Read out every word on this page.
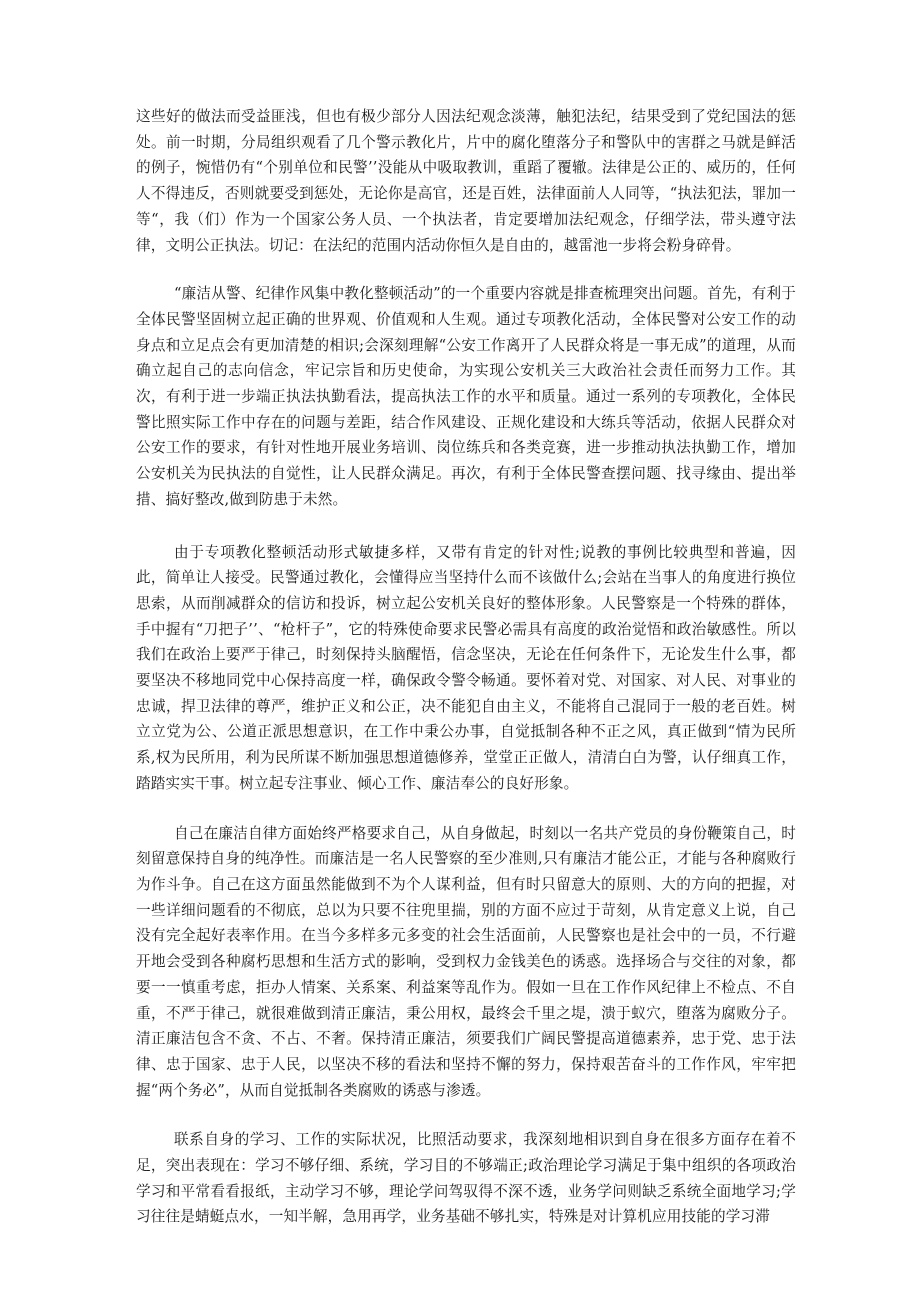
这些好的做法而受益匪浅，但也有极少部分人因法纪观念淡薄，触犯法纪，结果受到了党纪国法的惩处。前一时期，分局组织观看了几个警示教化片，片中的腐化堕落分子和警队中的害群之马就是鲜活的例子，惋惜仍有“个别单位和民警’’没能从中吸取教训，重蹈了覆辙。法律是公正的、威历的，任何人不得违反，否则就要受到惩处，无论你是高官，还是百姓，法律面前人人同等，“执法犯法，罪加一等“，我（们）作为一个国家公务人员、一个执法者，肯定要增加法纪观念，仔细学法，带头遵守法律，文明公正执法。切记：在法纪的范围内活动你恒久是自由的，越雷池一步将会粉身碎骨。

“廉洁从警、纪律作风集中教化整顿活动”的一个重要内容就是排查梳理突出问题。首先，有利于全体民警坚固树立起正确的世界观、价值观和人生观。通过专项教化活动，全体民警对公安工作的动身点和立足点会有更加清楚的相识;会深刻理解“公安工作离开了人民群众将是一事无成”的道理，从而确立起自己的志向信念，牢记宗旨和历史使命，为实现公安机关三大政治社会责任而努力工作。其次，有利于进一步端正执法执勤看法，提高执法工作的水平和质量。通过一系列的专项教化，全体民警比照实际工作中存在的问题与差距，结合作风建设、正规化建设和大练兵等活动，依据人民群众对公安工作的要求，有针对性地开展业务培训、岗位练兵和各类竞赛，进一步推动执法执勤工作，增加公安机关为民执法的自觉性，让人民群众满足。再次，有利于全体民警查摆问题、找寻缘由、提出举措、搞好整改,做到防患于未然。

由于专项教化整顿活动形式敏捷多样，又带有肯定的针对性;说教的事例比较典型和普遍，因此，简单让人接受。民警通过教化，会懂得应当坚持什么而不该做什么;会站在当事人的角度进行换位思索，从而削减群众的信访和投诉，树立起公安机关良好的整体形象。人民警察是一个特殊的群体，手中握有“刀把子’’、“枪杆子”，它的特殊使命要求民警必需具有高度的政治觉悟和政治敏感性。所以我们在政治上要严于律己，时刻保持头脑醒悟，信念坚决，无论在任何条件下，无论发生什么事，都要坚决不移地同党中心保持高度一样，确保政令警令畅通。要怀着对党、对国家、对人民、对事业的忠诚，捍卫法律的尊严，维护正义和公正，决不能犯自由主义，不能将自己混同于一般的老百姓。树立立党为公、公道正派思想意识，在工作中秉公办事，自觉抵制各种不正之风，真正做到“情为民所系,权为民所用，利为民所谋不断加强思想道德修养，堂堂正正做人，清清白白为警，认仔细真工作，踏踏实实干事。树立起专注事业、倾心工作、廉洁奉公的良好形象。

自己在廉洁自律方面始终严格要求自己，从自身做起，时刻以一名共产党员的身份鞭策自己，时刻留意保持自身的纯净性。而廉洁是一名人民警察的至少准则,只有廉洁才能公正，才能与各种腐败行为作斗争。自己在这方面虽然能做到不为个人谋利益，但有时只留意大的原则、大的方向的把握，对一些详细问题看的不彻底，总以为只要不往兜里揣，别的方面不应过于苛刻，从肯定意义上说，自己没有完全起好表率作用。在当今多样多元多变的社会生活面前，人民警察也是社会中的一员，不行避开地会受到各种腐朽思想和生活方式的影响，受到权力金钱美色的诱惑。选择场合与交往的对象，都要一一慎重考虑，拒办人情案、关系案、利益案等乱作为。假如一旦在工作作风纪律上不检点、不自重，不严于律己，就很难做到清正廉洁，秉公用权，最终会千里之堤，溃于蚁穴，堕落为腐败分子。清正廉洁包含不贪、不占、不奢。保持清正廉洁，须要我们广阔民警提高道德素养，忠于党、忠于法律、忠于国家、忠于人民，以坚决不移的看法和坚持不懈的努力，保持艰苦奋斗的工作作风，牢牢把握“两个务必”，从而自觉抵制各类腐败的诱惑与渗透。

联系自身的学习、工作的实际状况，比照活动要求，我深刻地相识到自身在很多方面存在着不足，突出表现在：学习不够仔细、系统，学习目的不够端正;政治理论学习满足于集中组织的各项政治学习和平常看看报纸，主动学习不够，理论学问驾驭得不深不透，业务学问则缺乏系统全面地学习;学习往往是蜻蜓点水，一知半解，急用再学，业务基础不够扎实，特殊是对计算机应用技能的学习滞
